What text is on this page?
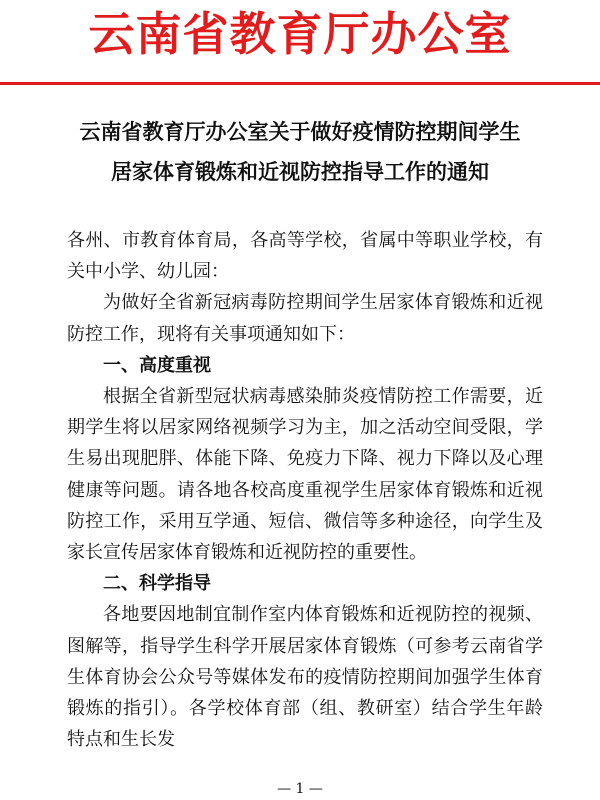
云南省教育厅办公室
云南省教育厅办公室关于做好疫情防控期间学生
居家体育锻炼和近视防控指导工作的通知

各州、市教育体育局，各高等学校，省属中等职业学校，有关中小学、幼儿园：

为做好全省新冠病毒防控期间学生居家体育锻炼和近视防控工作，现将有关事项通知如下：

一、高度重视

根据全省新型冠状病毒感染肺炎疫情防控工作需要，近期学生将以居家网络视频学习为主，加之活动空间受限，学生易出现肥胖、体能下降、免疫力下降、视力下降以及心理健康等问题。请各地各校高度重视学生居家体育锻炼和近视防控工作，采用互学通、短信、微信等多种途径，向学生及家长宣传居家体育锻炼和近视防控的重要性。

二、科学指导

各地要因地制宜制作室内体育锻炼和近视防控的视频、图解等，指导学生科学开展居家体育锻炼（可参考云南省学生体育协会公众号等媒体发布的疫情防控期间加强学生体育锻炼的指引）。各学校体育部（组、教研室）结合学生年龄特点和生长发

— 1 —
